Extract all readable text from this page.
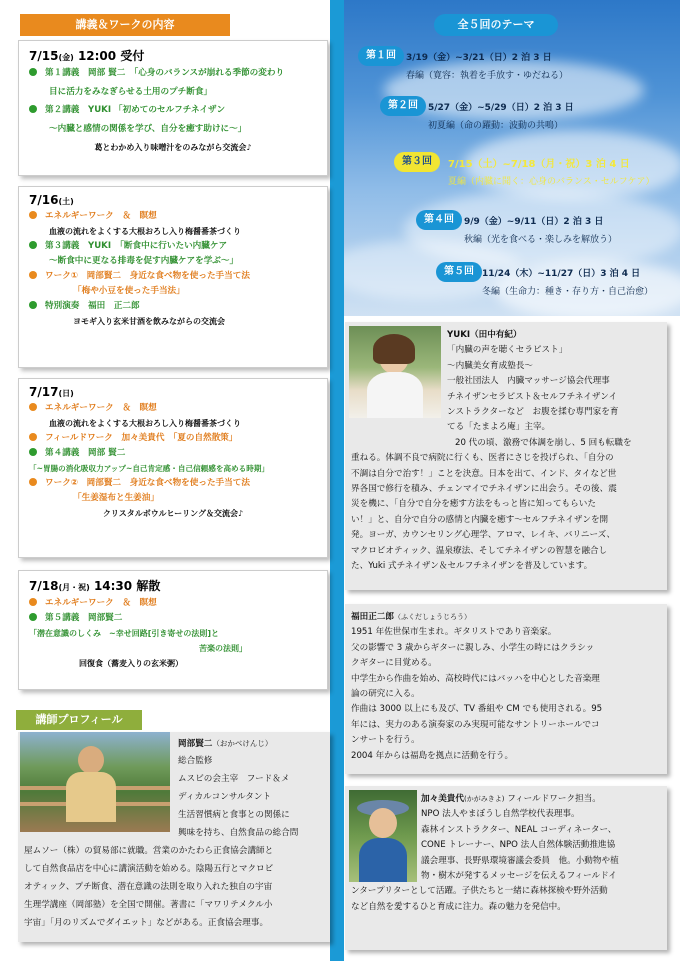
講義＆ワークの内容
7/15(金) 12:00 受付
第１講義　岡部 賢二　「心身のバランスが崩れる季節の変わり
目に活力をみなぎらせる土用のプチ断食」
第２講義　YUKI 「初めてのセルフチネイザン
～内臓と感情の関係を学び、自分を癒す助けに～」
葛とわかめ入り味噌汁をのみながら交流会♪
7/16(土)
エネルギーワーク　＆　瞑想
血液の流れをよくする大根おろし入り梅醤番茶づくり
第３講義　YUKI　「断食中に行いたい内臓ケア
～断食中に更なる排毒を促す内臓ケアを学ぶ～」
ワーク①　岡部賢二　身近な食べ物を使った手当て法
「梅や小豆を使った手当法」
特別演奏　福田　正二郎
ヨモギ入り玄米甘酒を飲みながらの交流会
7/17(日)
エネルギーワーク　＆　瞑想
血液の流れをよくする大根おろし入り梅醤番茶づくり
フィールドワーク　加々美貴代　「夏の自然散策」
第４講義　岡部 賢二
「~胃腸の消化吸収力アップ~自己肯定感・自己信頼感を高める時期」
ワーク②　岡部賢二　身近な食べ物を使った手当て法
「生姜湿布と生姜油」
クリスタルボウルヒーリング＆交流会♪
7/18(月・祝) 14:30 解散
エネルギーワーク　＆　瞑想
第５講義　岡部賢二
「潜在意識のしくみ　~幸せ回路[引き寄せの法則]と
苦楽の法則」
回復食（蕎麦入りの玄米粥）
全５回のテーマ
第１回	3/19（金）~3/21（日）2 泊 3 日
春編（寛容：執着を手放す・ゆだねる）
第２回	5/27（金）~5/29（日）2 泊 3 日
初夏編（命の躍動：波動の共鳴）
第３回	7/15（土）~7/18（月・祝）3 泊 4 日
夏編（内臓に聞く：心身のバランス・セルフケア）
第４回	9/9（金）~9/11（日）2 泊 3 日
秋編（光を食べる・楽しみを解放う）
第５回 11/24（木）~11/27（日）3 泊 4 日
冬編（生命力：種き・存り方・自己治愈）
YUKI（田中有紀）
「内臓の声を聴くセラピスト」
～内臓美女育成塾長～
一般社団法人　内臓マッサージ協会代理事
チネイザンセラピスト＆セルフチネイザンイ
ンストラクターなど　お腹を揉む専門家を育
てる「たまよろ庵」主宰。
20 代の頃、激務で体調を崩し、5 回も転職を
重ねる。体調不良で病院に行くも、医者にさじを投げられ、「自分の
不調は自分で治す！」ことを決意。日本を出て、インド、タイなど世
界各国で修行を積み、チェンマイでチネイザンに出会う。その後、震
災を機に、「自分で自分を癒す方法をもっと皆に知ってもらいた
い！」と、自分で自分の感情と内臓を癒す～セルフチネイザンを開
発。ヨーガ、カウンセリング心理学、アロマ、レイキ、バリニーズ、
マクロビオティック、温泉療法、そしてチネイザンの智慧を融合し
た、Yuki 式チネイザン＆セルフチネイザンを普及しています。
福田正二郎（ふくだしょうじろう）
1951 年佐世保市生まれ。ギタリストであり音楽家。
父の影響で 3 歳からギターに親しみ、小学生の時にはクラシッ
クギターに目覚める。
中学生から作曲を始め、高校時代にはバッハを中心とした音楽理
論の研究に入る。
作曲は 3000 以上にも及び、TV 番組や CM でも使用される。95
年には、実力のある演奏家のみ実現可能なサントリーホールでコ
ンサートを行う。
2004 年からは福島を拠点に活動を行う。
加々美貴代(かがみきよ) フィールドワーク担当。
NPO 法人やまぼうし自然学校代表理事。
森林インストラクター、NEAL コーディネーター、
CONE トレーナー、NPO 法人自然体験活動推進協
議会理事、長野県環境審議会委員　他。小動物や植
物・樹木が発するメッセージを伝えるフィールドイ
ンタープリターとして活躍。子供たちと一緒に森林探検や野外活動
など自然を愛するひと育成に注力。森の魅力を発信中。
講師プロフィール
岡部賢二（おかべけんじ）
総合監修
ムスビの会主宰　フード＆メ
ディカルコンサルタント
生活習慣病と食事との関係に
興味を持ち、自然食品の総合問
屋ムソー（株）の貿易部に就職。営業のかたわら正食協会講師と
して自然食品店を中心に講演活動を始める。陰陽五行とマクロビ
オティック、プチ断食、潜在意識の法則を取り入れた独自の宇宙
生理学講座（岡部塾）を全国で開催。著書に「マワリテメクル小
宇宙」「月のリズムでダイエット」などがある。正食協会理事。
